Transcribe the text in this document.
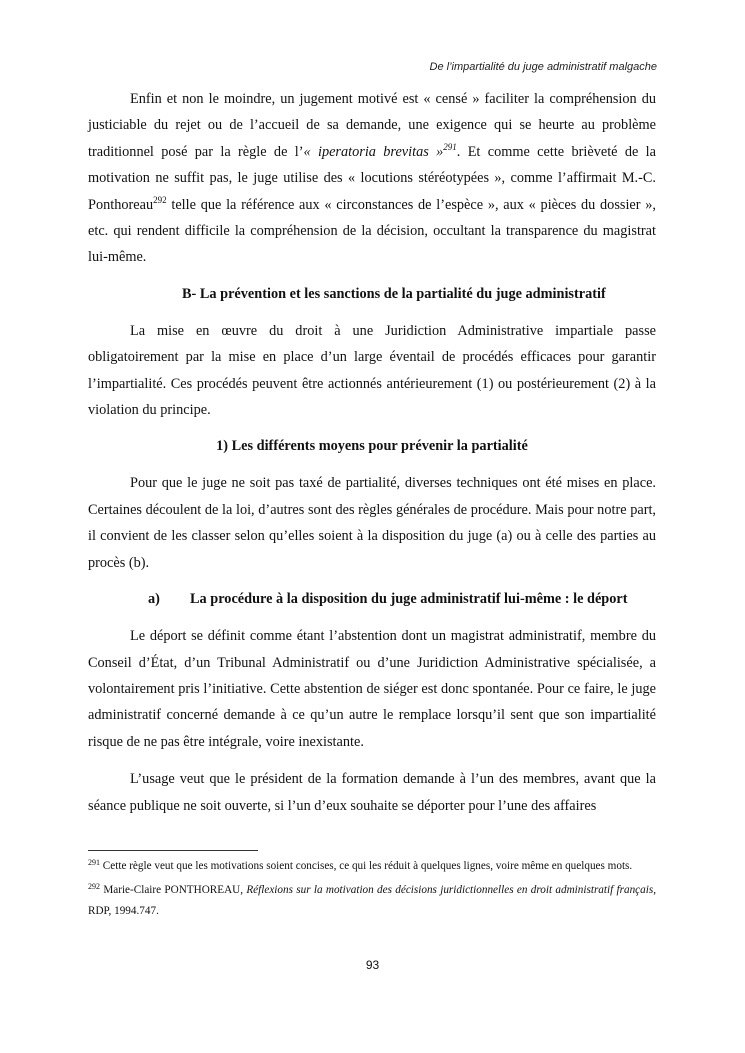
De l’impartialité du juge administratif malgache

Enfin et non le moindre, un jugement motivé est « censé » faciliter la compréhension du justiciable du rejet ou de l’accueil de sa demande, une exigence qui se heurte au problème traditionnel posé par la règle de l’« iperatoria brevitas »$^{291}$. Et comme cette brièveté de la motivation ne suffit pas, le juge utilise des « locutions stéréotypées », comme l’affirmait M.-C. Ponthoreau$^{292}$ telle que la référence aux « circonstances de l’espèce », aux « pièces du dossier », etc. qui rendent difficile la compréhension de la décision, occultant la transparence du magistrat lui-même.

B- La prévention et les sanctions de la partialité du juge administratif

La mise en œuvre du droit à une Juridiction Administrative impartiale passe obligatoirement par la mise en place d’un large éventail de procédés efficaces pour garantir l’impartialité. Ces procédés peuvent être actionnés antérieurement (1) ou postérieurement (2) à la violation du principe.

1) Les différents moyens pour prévenir la partialité

Pour que le juge ne soit pas taxé de partialité, diverses techniques ont été mises en place. Certaines découlent de la loi, d’autres sont des règles générales de procédure. Mais pour notre part, il convient de les classer selon qu’elles soient à la disposition du juge (a) ou à celle des parties au procès (b).

a) La procédure à la disposition du juge administratif lui-même : le déport

Le déport se définit comme étant l’abstention dont un magistrat administratif, membre du Conseil d’État, d’un Tribunal Administratif ou d’une Juridiction Administrative spécialisée, a volontairement pris l’initiative. Cette abstention de siéger est donc spontanée. Pour ce faire, le juge administratif concerné demande à ce qu’un autre le remplace lorsqu’il sent que son impartialité risque de ne pas être intégrale, voire inexistante.

L’usage veut que le président de la formation demande à l’un des membres, avant que la séance publique ne soit ouverte, si l’un d’eux souhaite se déporter pour l’une des affaires

$^{291}$ Cette règle veut que les motivations soient concises, ce qui les réduit à quelques lignes, voire même en quelques mots.
$^{292}$ Marie-Claire PONTHOREAU, Réflexions sur la motivation des décisions juridictionnelles en droit administratif français, RDP, 1994.747.
93
